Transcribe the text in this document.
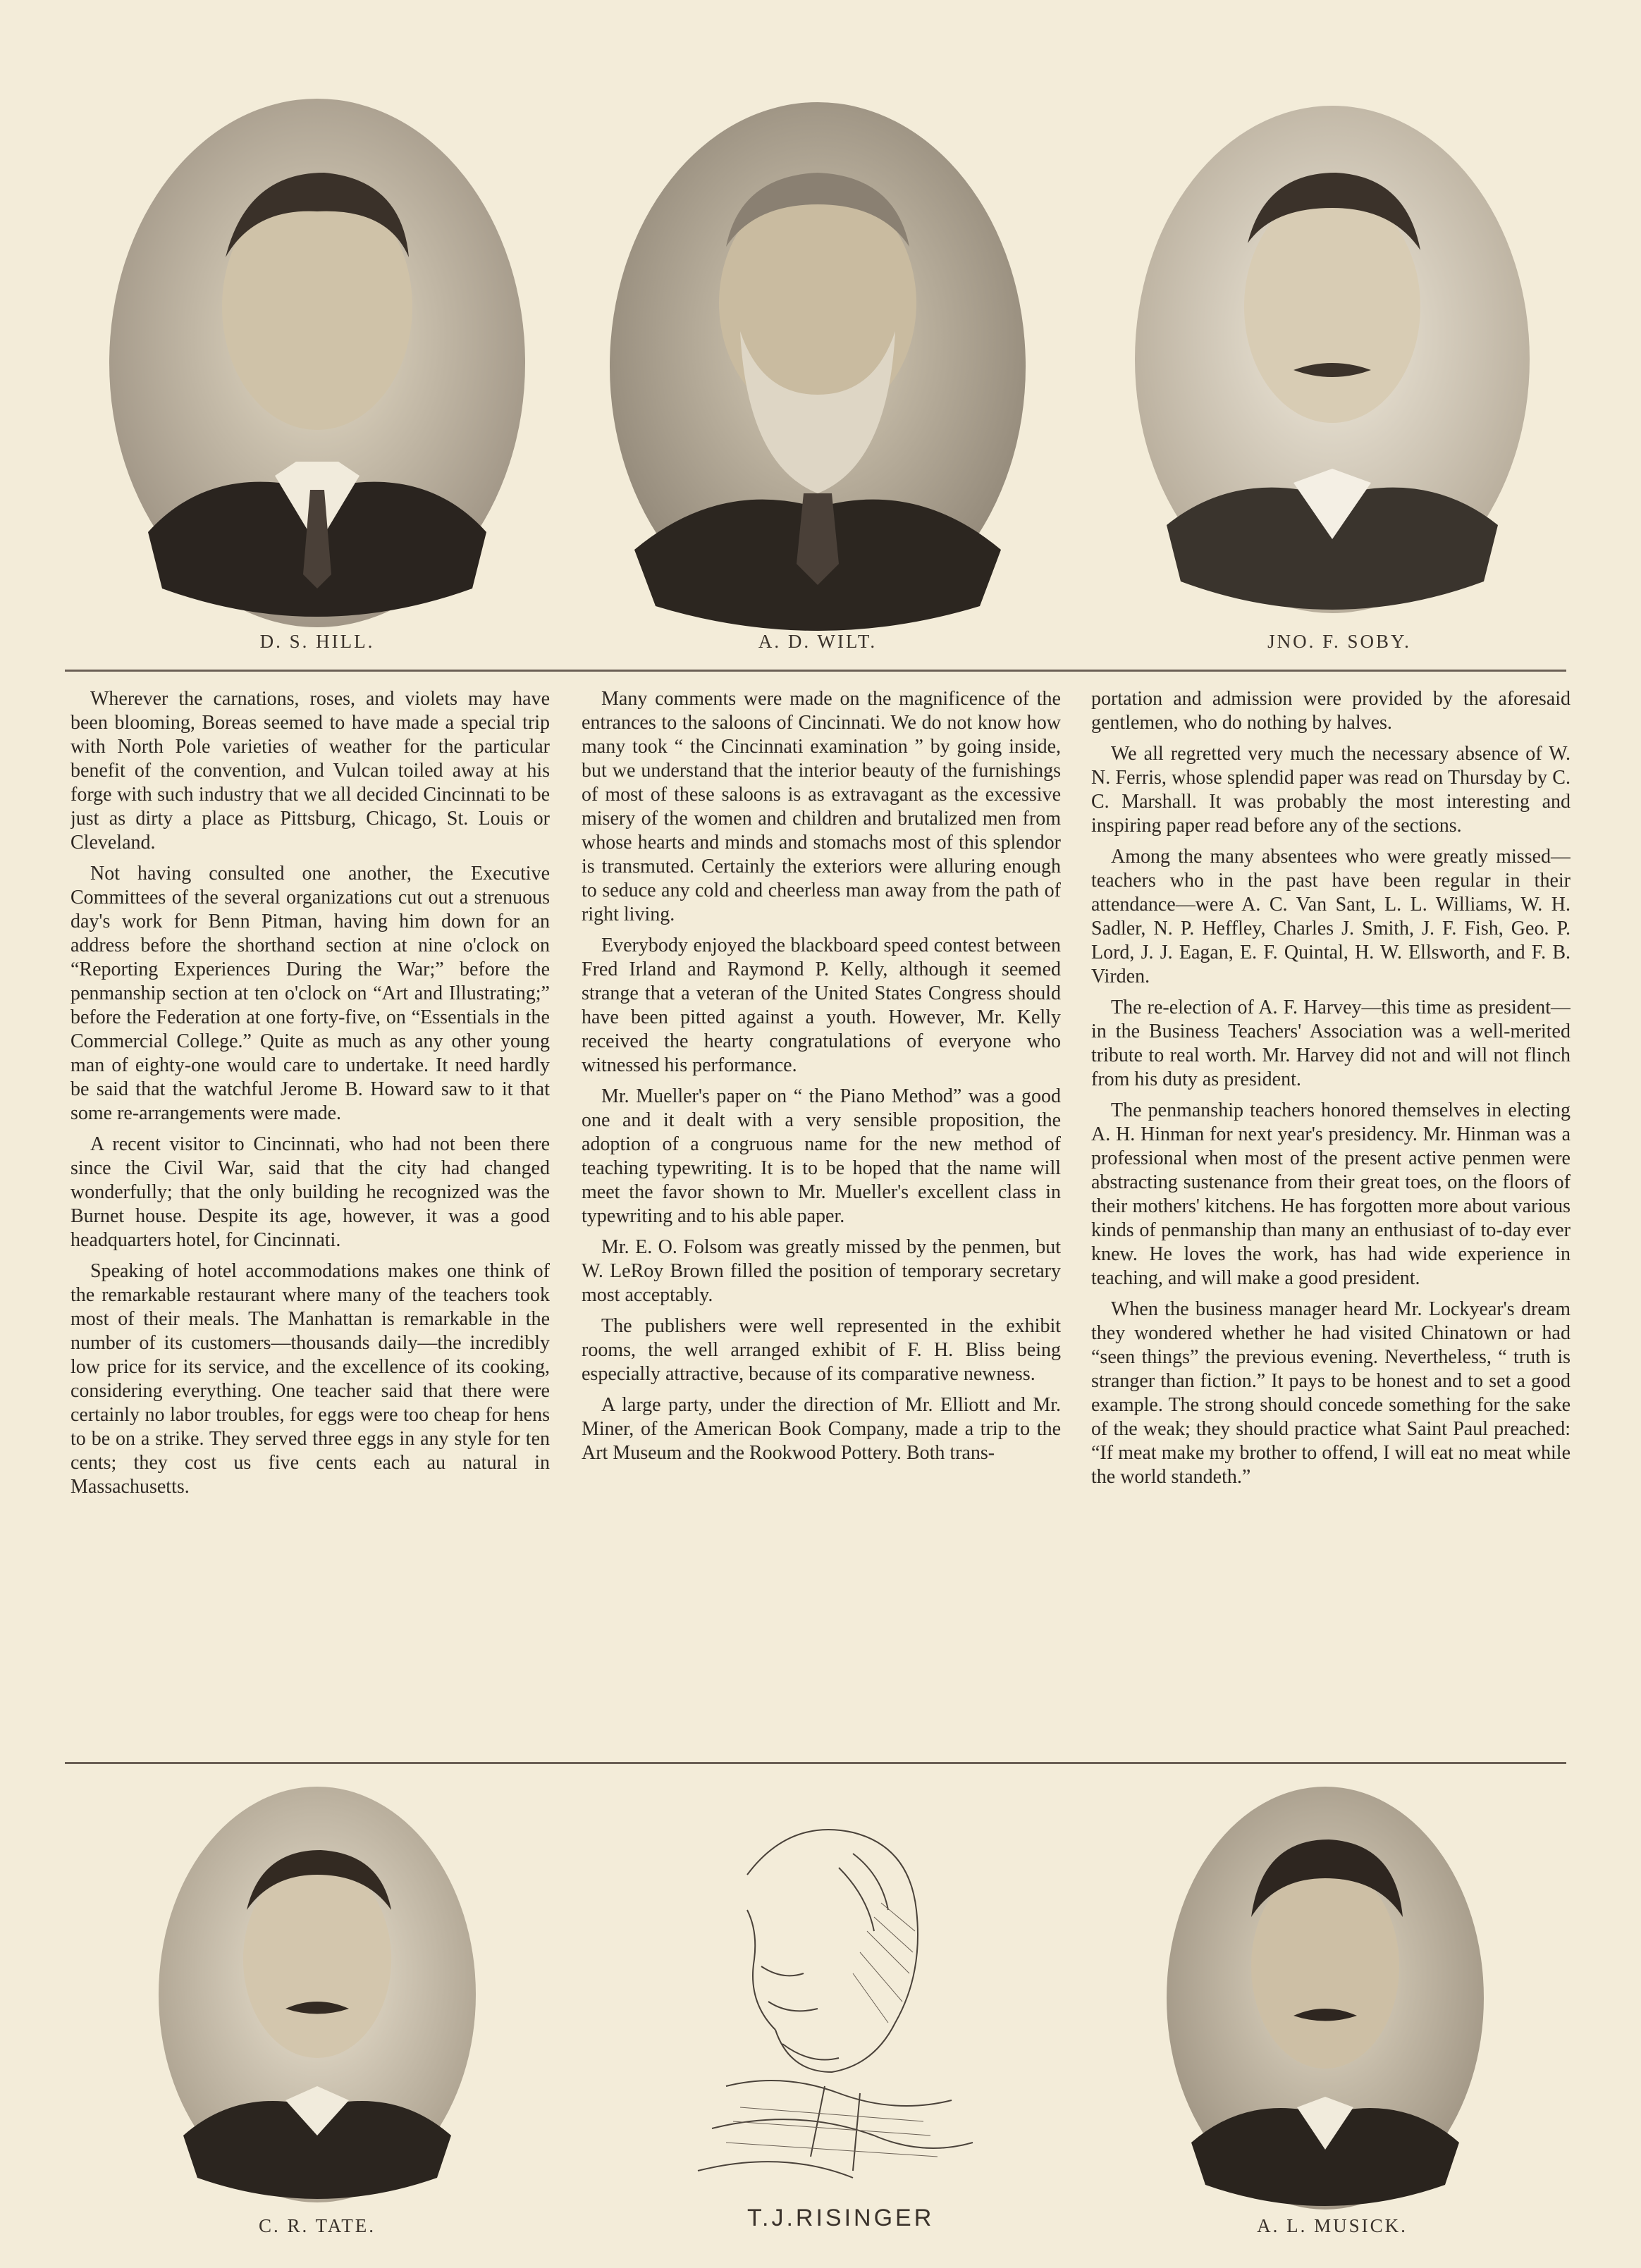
D. S. HILL.	A. D. WILT.	JNO. F. SOBY.

Wherever the carnations, roses, and violets may have been blooming, Boreas seemed to have made a special trip with North Pole varieties of weather for the particular benefit of the convention, and Vulcan toiled away at his forge with such industry that we all decided Cincinnati to be just as dirty a place as Pittsburg, Chicago, St. Louis or Cleveland.

Not having consulted one another, the Executive Committees of the several organizations cut out a strenuous day's work for Benn Pitman, having him down for an address before the shorthand section at nine o'clock on “Reporting Experiences During the War;” before the penmanship section at ten o'clock on “Art and Illustrating;” before the Federation at one forty-five, on “Essentials in the Commercial College.” Quite as much as any other young man of eighty-one would care to undertake. It need hardly be said that the watchful Jerome B. Howard saw to it that some re-arrangements were made.

A recent visitor to Cincinnati, who had not been there since the Civil War, said that the city had changed wonderfully; that the only building he recognized was the Burnet house. Despite its age, however, it was a good headquarters hotel, for Cincinnati.

Speaking of hotel accommodations makes one think of the remarkable restaurant where many of the teachers took most of their meals. The Manhattan is remarkable in the number of its customers—thousands daily—the incredibly low price for its service, and the excellence of its cooking, considering everything. One teacher said that there were certainly no labor troubles, for eggs were too cheap for hens to be on a strike. They served three eggs in any style for ten cents; they cost us five cents each au natural in Massachusetts.

Many comments were made on the magnificence of the entrances to the saloons of Cincinnati. We do not know how many took “ the Cincinnati examination ” by going inside, but we understand that the interior beauty of the furnishings of most of these saloons is as extravagant as the excessive misery of the women and children and brutalized men from whose hearts and minds and stomachs most of this splendor is transmuted. Certainly the exteriors were alluring enough to seduce any cold and cheerless man away from the path of right living.

Everybody enjoyed the blackboard speed contest between Fred Irland and Raymond P. Kelly, although it seemed strange that a veteran of the United States Congress should have been pitted against a youth. However, Mr. Kelly received the hearty congratulations of everyone who witnessed his performance.

Mr. Mueller's paper on “ the Piano Method” was a good one and it dealt with a very sensible proposition, the adoption of a congruous name for the new method of teaching typewriting. It is to be hoped that the name will meet the favor shown to Mr. Mueller's excellent class in typewriting and to his able paper.

Mr. E. O. Folsom was greatly missed by the penmen, but W. LeRoy Brown filled the position of temporary secretary most acceptably.

The publishers were well represented in the exhibit rooms, the well arranged exhibit of F. H. Bliss being especially attractive, because of its comparative newness.

A large party, under the direction of Mr. Elliott and Mr. Miner, of the American Book Company, made a trip to the Art Museum and the Rookwood Pottery. Both trans-

portation and admission were provided by the aforesaid gentlemen, who do nothing by halves.

We all regretted very much the necessary absence of W. N. Ferris, whose splendid paper was read on Thursday by C. C. Marshall. It was probably the most interesting and inspiring paper read before any of the sections.

Among the many absentees who were greatly missed—teachers who in the past have been regular in their attendance—were A. C. Van Sant, L. L. Williams, W. H. Sadler, N. P. Heffley, Charles J. Smith, J. F. Fish, Geo. P. Lord, J. J. Eagan, E. F. Quintal, H. W. Ellsworth, and F. B. Virden.

The re-election of A. F. Harvey—this time as president—in the Business Teachers' Association was a well-merited tribute to real worth. Mr. Harvey did not and will not flinch from his duty as president.

The penmanship teachers honored themselves in electing A. H. Hinman for next year's presidency. Mr. Hinman was a professional when most of the present active penmen were abstracting sustenance from their great toes, on the floors of their mothers' kitchens. He has forgotten more about various kinds of penmanship than many an enthusiast of to-day ever knew. He loves the work, has had wide experience in teaching, and will make a good president.

When the business manager heard Mr. Lockyear's dream they wondered whether he had visited Chinatown or had “seen things” the previous evening. Nevertheless, “ truth is stranger than fiction.” It pays to be honest and to set a good example. The strong should concede something for the sake of the weak; they should practice what Saint Paul preached: “If meat make my brother to offend, I will eat no meat while the world standeth.”

C. R. TATE.	T.J.RISINGER	A. L. MUSICK.
